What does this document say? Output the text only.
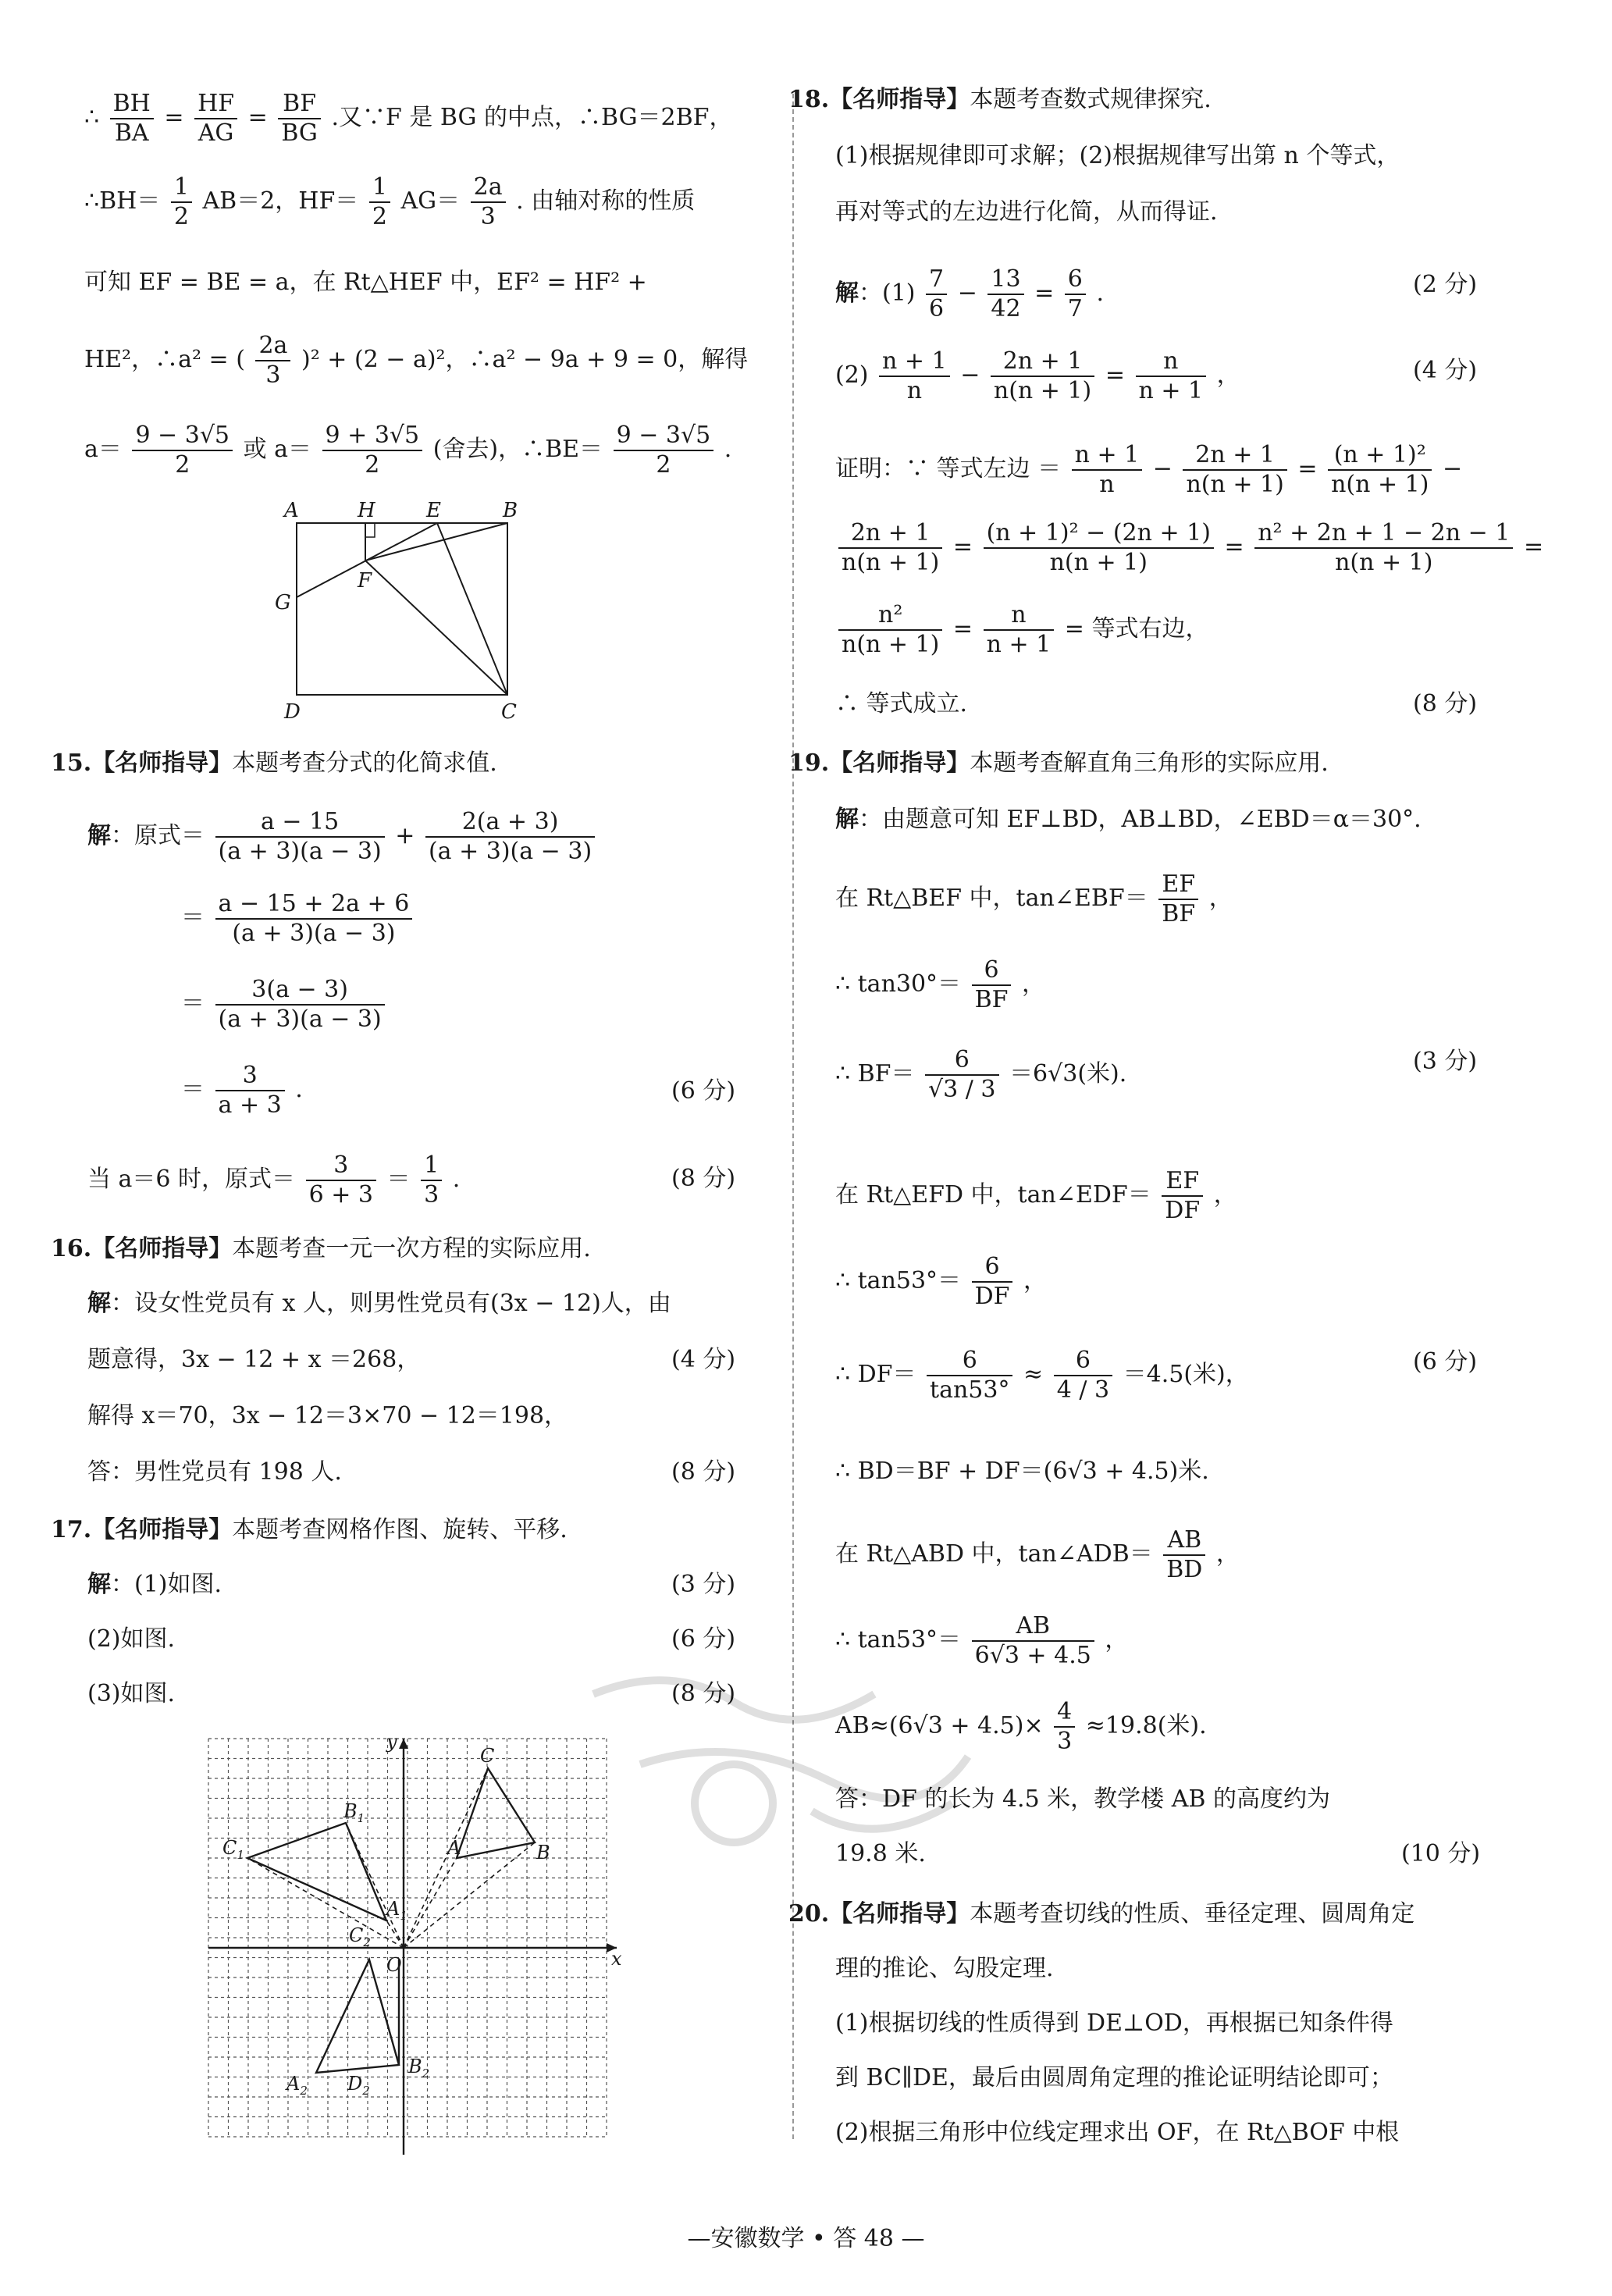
∴ $\frac{BH}{BA} = \frac{HF}{AG} = \frac{BF}{BG}$ .又∵F 是 BG 的中点，∴BG＝2BF，
∴BH＝ $\frac{1}{2} AB=2$，$HF= \frac{1}{2} AG= \frac{2a}{3}$ . 由轴对称的性质
可知 EF = BE = a，在 Rt△HEF 中，EF² = HF² +
HE²，∴a² = ( $\frac{2a}{3} )^2 + (2 - a)^2$，∴a² − 9a + 9 = 0，解得
$a= \frac{9 - 3√5}{2}$ 或 $a= \frac{9 + 3√5}{2}$ (舍去)，∴BE＝ $\frac{9 - 3√5}{2}$ .
A	H	E	B
G
F
D	C
15.【名师指导】本题考查分式的化简求值.
解：原式＝ $\frac{a - 15}{(a + 3)(a - 3)} + \frac{2(a + 3)}{(a + 3)(a - 3)}$
＝ $\frac{a - 15 + 2a + 6}{(a + 3)(a - 3)}$
＝ $\frac{3(a - 3)}{(a + 3)(a - 3)}$
＝ $\frac{3}{a + 3}$ .	(6 分)
当 a＝6 时，原式＝ $\frac{3}{6 + 3} = \frac{1}{3}$ .	(8 分)
16.【名师指导】本题考查一元一次方程的实际应用.
解：设女性党员有 x 人，则男性党员有(3x − 12)人，由
题意得，3x − 12 + x ＝268，	(4 分)
解得 x＝70，3x − 12＝3×70 − 12＝198，
答：男性党员有 198 人.	(8 分)
17.【名师指导】本题考查网格作图、旋转、平移.
解：(1)如图.	(3 分)
(2)如图.	(6 分)
(3)如图.	(8 分)
y
x
O
C
A	B
$C_1$
$B_1$
$A_1$
$C_2$
$A_2$ $D_2$
$B_2$
18.【名师指导】本题考查数式规律探究.
(1)根据规律即可求解；(2)根据规律写出第 n 个等式，
再对等式的左边进行化简，从而得证.
解：$(1) \frac{7}{6} - \frac{13}{42} = \frac{6}{7}$ .	(2 分)
$(2) \frac{n + 1}{n} - \frac{2n + 1}{n(n + 1)} = \frac{n}{n + 1}$ ，	(4 分)
证明：∵ 等式左边 ＝ $\frac{n + 1}{n} - \frac{2n + 1}{n(n + 1)} = \frac{\text{(n + 1)²}}{n(n + 1)}$ −
$\frac{2n + 1}{n(n + 1)} = \frac{\text{(n + 1)² − (2n + 1)}}{n(n + 1)} = \frac{\text{n² + 2n + 1 − 2n − 1}}{n(n + 1)}$ =
$\frac{\text{n²}}{n(n + 1)} = \frac{n}{n + 1}$ = 等式右边，
∴ 等式成立.	(8 分)
19.【名师指导】本题考查解直角三角形的实际应用.
解：由题意可知 EF⊥BD，AB⊥BD，∠EBD＝α＝30°.
在 Rt△BEF 中，tan∠EBF＝ $\frac{EF}{BF}$ ，
∴ $\tan 30^\circ= \frac{6}{BF}$ ，
∴ $BF= \frac{6}{√3 / 3} =6√3$(米).	(3 分)
在 Rt△EFD 中，tan∠EDF＝ $\frac{EF}{DF}$ ，
∴ $\tan 53^\circ= \frac{6}{DF}$ ，
∴ $DF= \frac{6}{\tan 53^\circ} \approx \frac{6}{4 / 3} =4.5$(米)，	(6 分)
∴ BD＝BF + DF＝(6√3 + 4.5)米.
在 Rt△ABD 中，tan∠ADB＝ $\frac{AB}{BD}$ ，
∴ $\tan 53^\circ= \frac{AB}{6√3 + 4.5}$ ，
$AB\approx(6√3 + 4.5)\times \frac{4}{3} \approx 19.8$(米).
答：DF 的长为 4.5 米，教学楼 AB 的高度约为
19.8 米.	(10 分)
20.【名师指导】本题考查切线的性质、垂径定理、圆周角定
理的推论、勾股定理.
(1)根据切线的性质得到 DE⊥OD，再根据已知条件得
到 BC∥DE，最后由圆周角定理的推论证明结论即可；
(2)根据三角形中位线定理求出 OF，在 Rt△BOF 中根
—安徽数学 • 答 48 —
